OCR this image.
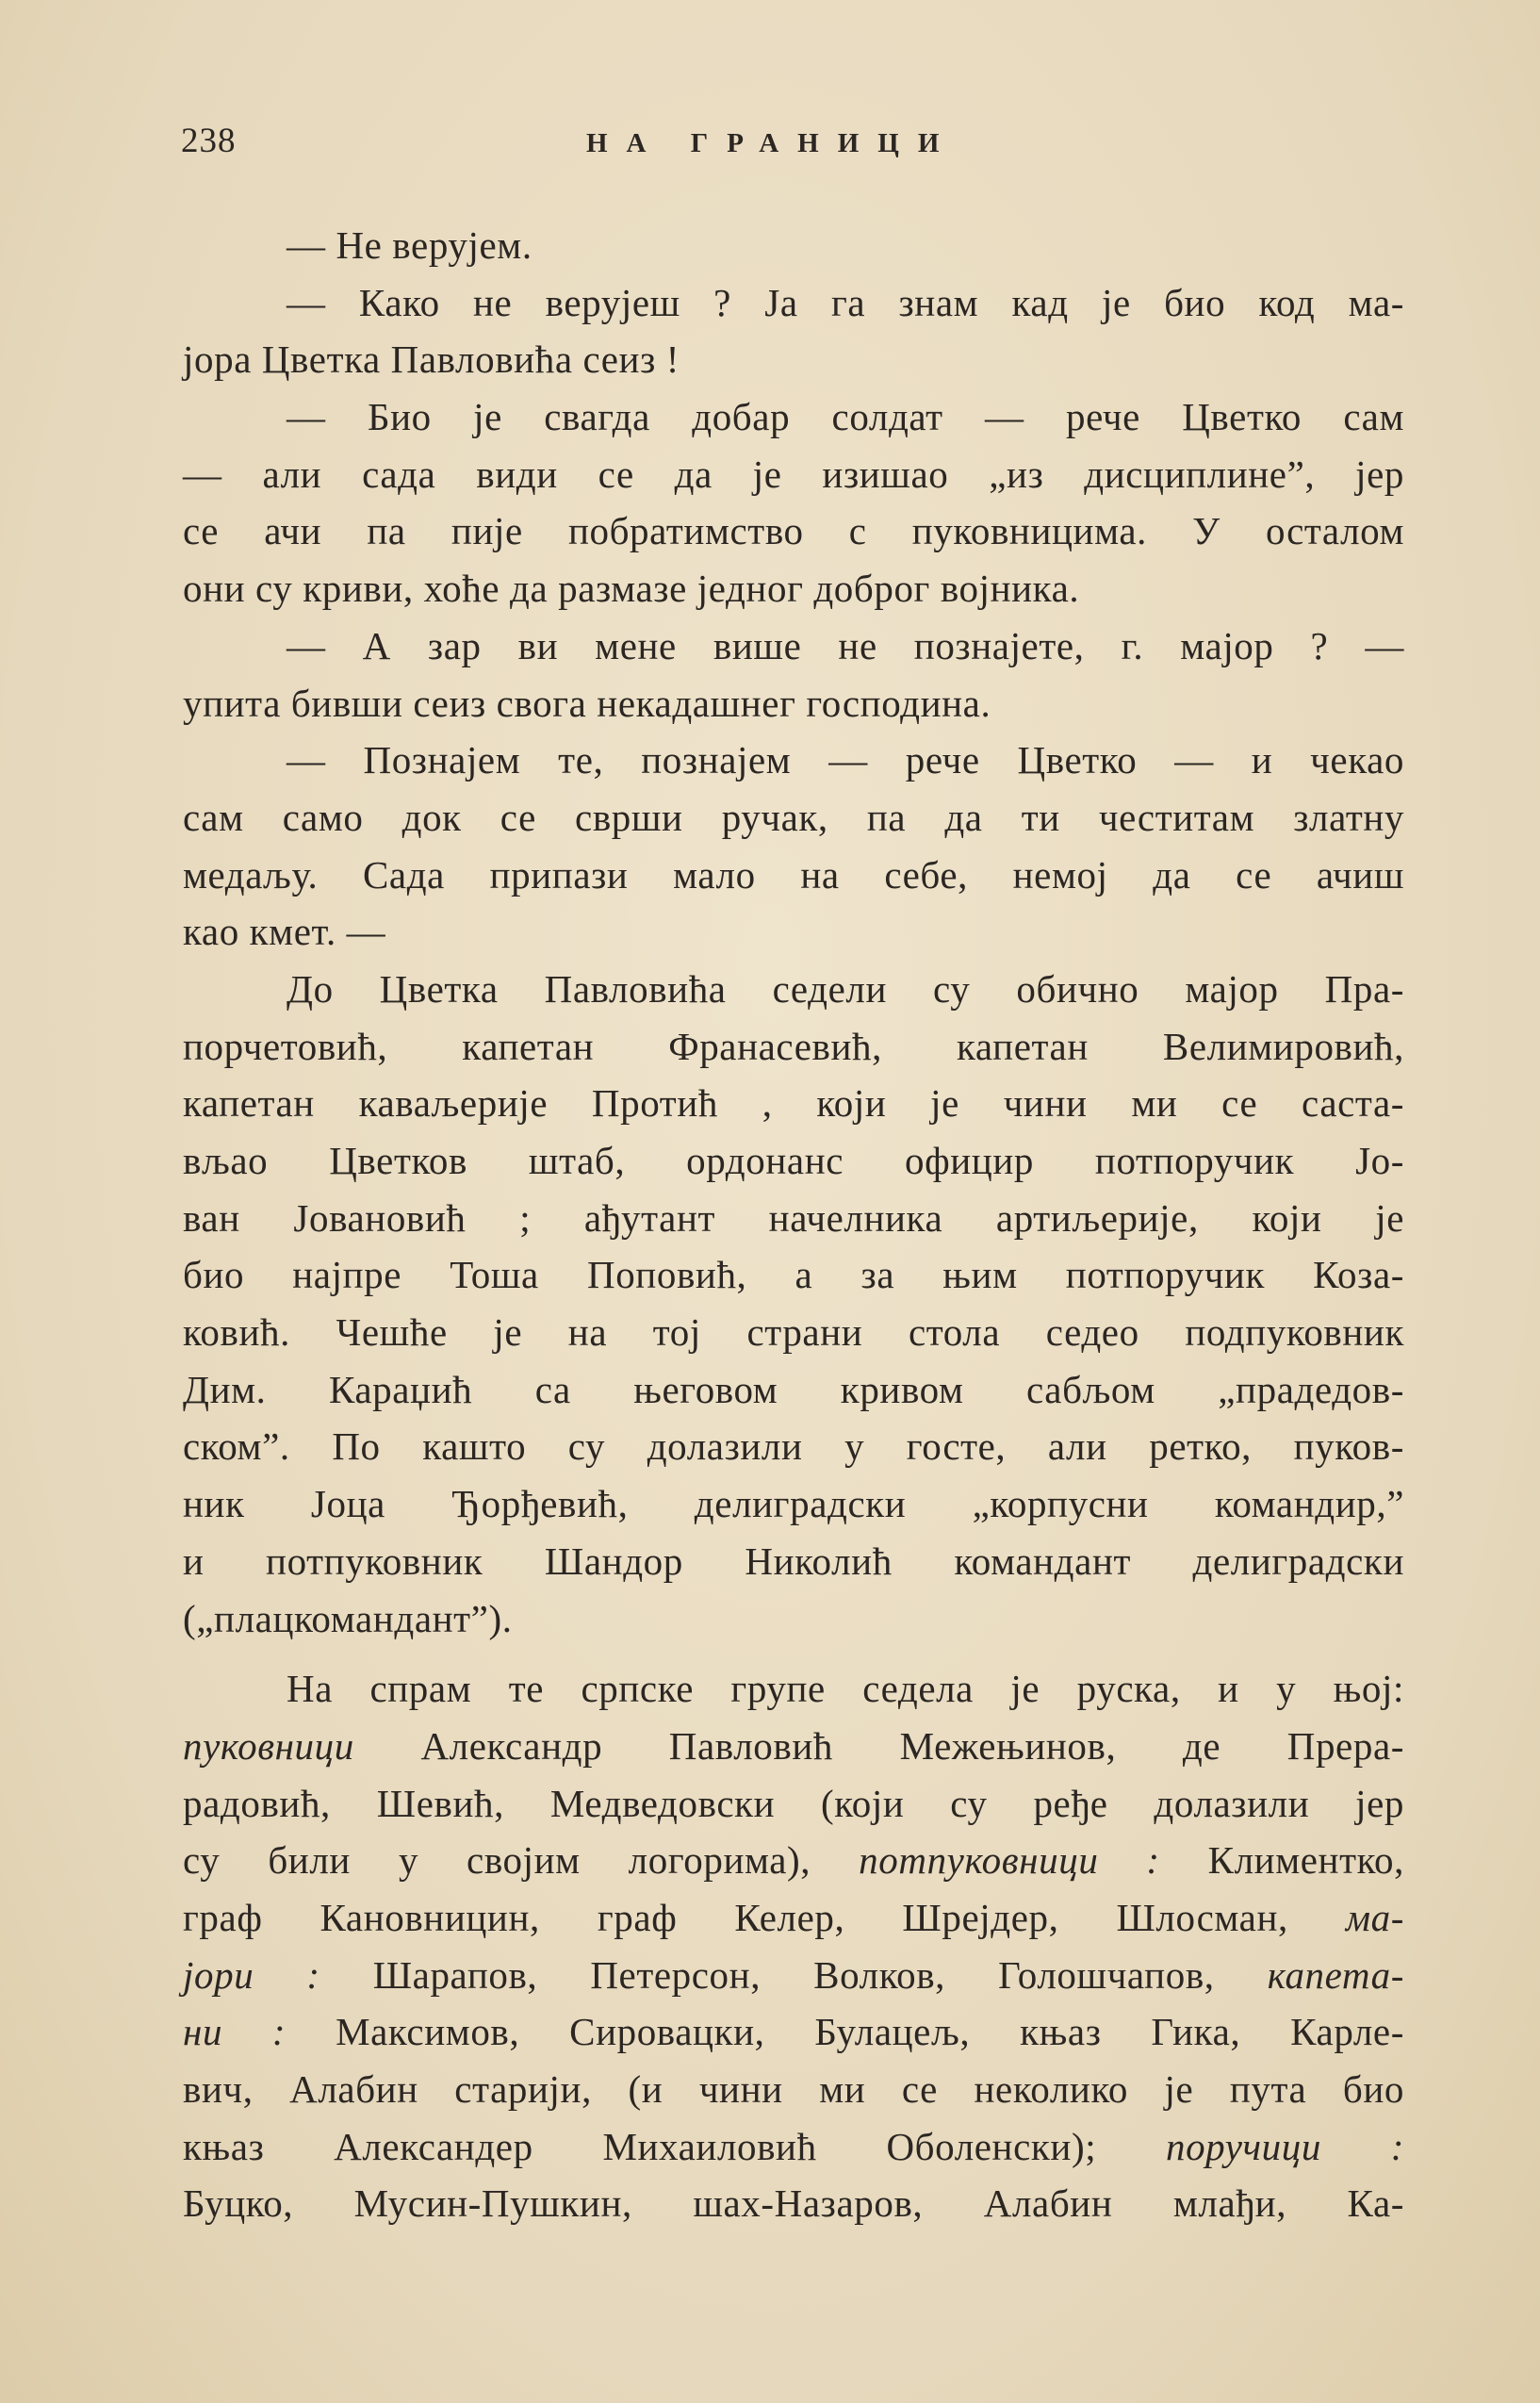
238	НА ГРАНИЦИ
— Не верујем.
— Како не верујеш ? Ја га знам кад је био код ма-
јора Цветка Павловића сеиз !
— Био је свагда добар солдат — рече Цветко сам
— али сада види се да је изишао „из дисциплине”, јер
се ачи па пије побратимство с пуковницима. У осталом
они су криви, хоће да размазе једног доброг војника.
— А зар ви мене више не познајете, г. мајор ? —
упита бивши сеиз свога некадашнег господина.
— Познајем те, познајем — рече Цветко — и чекао
сам само док се сврши ручак, па да ти честитам златну
медаљу. Сада припази мало на себе, немој да се ачиш
као кмет. —
До Цветка Павловића седели су обично мајор Пра-
порчетовић, капетан Франасевић, капетан Велимировић,
капетан каваљерије Протић , који је чини ми се саста-
вљао Цветков штаб, ордонанс официр потпоручик Јо-
ван Јовановић ; ађутант начелника артиљерије, који је
био најпре Тоша Поповић, а за њим потпоручик Коза-
ковић. Чешће је на тој страни стола седео подпуковник
Дим. Караџић са његовом кривом сабљом „прадедов-
ском”. По кашто су долазили у госте, али ретко, пуков-
ник Јоца Ђорђевић, делиградски „корпусни командир,”
и потпуковник Шандор Николић командант делиградски
(„плацкомандант”).
На спрам те српске групе седела је руска, и у њој:
пуковници Александр Павловић Межењинов, де Прера-
радовић, Шевић, Медведовски (који су ређе долазили јер
су били у својим логорима), потпуковници : Климентко,
граф Кановницин, граф Келер, Шрејдер, Шлосман, ма-
јори : Шарапов, Петерсон, Волков, Голошчапов, капета-
ни : Максимов, Сировацки, Булацељ, књаз Гика, Карле-
вич, Алабин старији, (и чини ми се неколико је пута био
књаз Александер Михаиловић Оболенски); поручици :
Буцко, Мусин-Пушкин, шах-Назаров, Алабин млађи, Ка-
